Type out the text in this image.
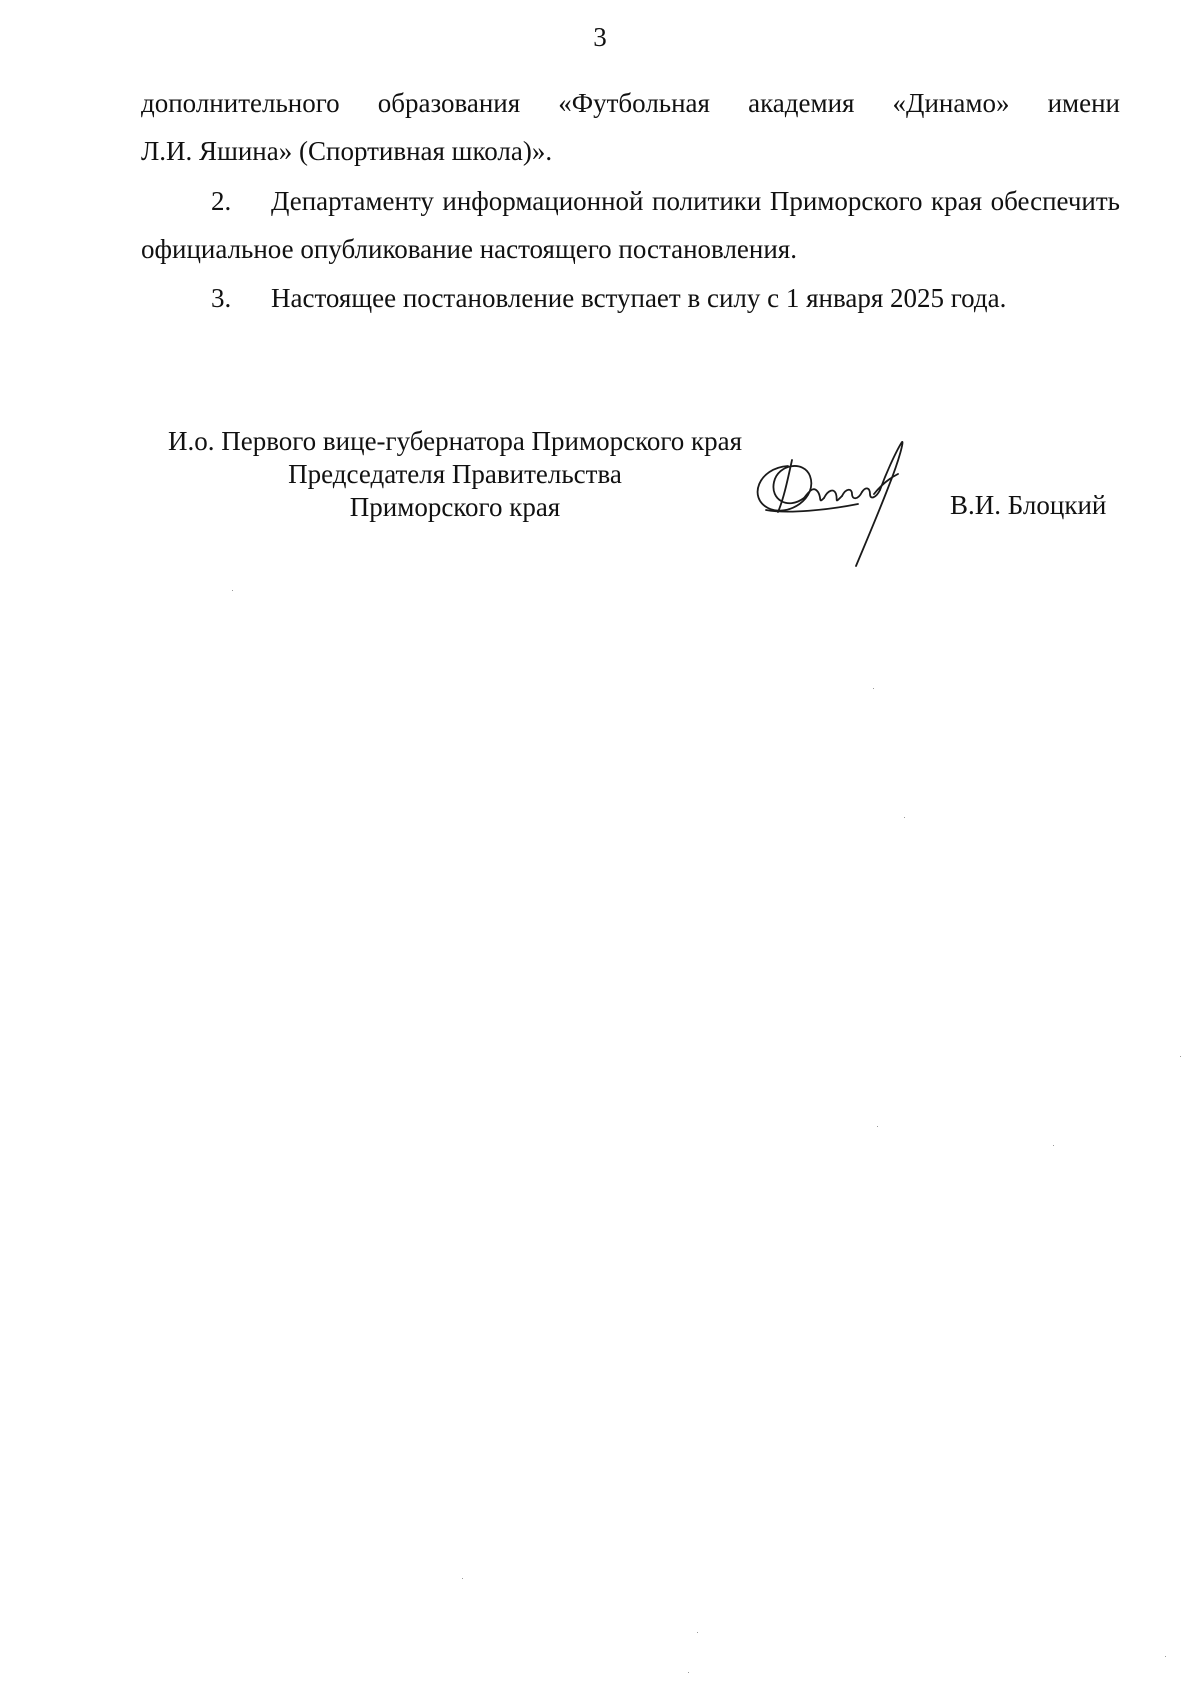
3

дополнительного образования «Футбольная академия «Динамо» имени

Л.И. Яшина» (Спортивная школа)».

2. Департаменту информационной политики Приморского края обеспечить официальное опубликование настоящего постановления.

3. Настоящее постановление вступает в силу с 1 января 2025 года.

И.о. Первого вице-губернатора Приморского края
Председателя Правительства
Приморского края	В.И. Блоцкий
